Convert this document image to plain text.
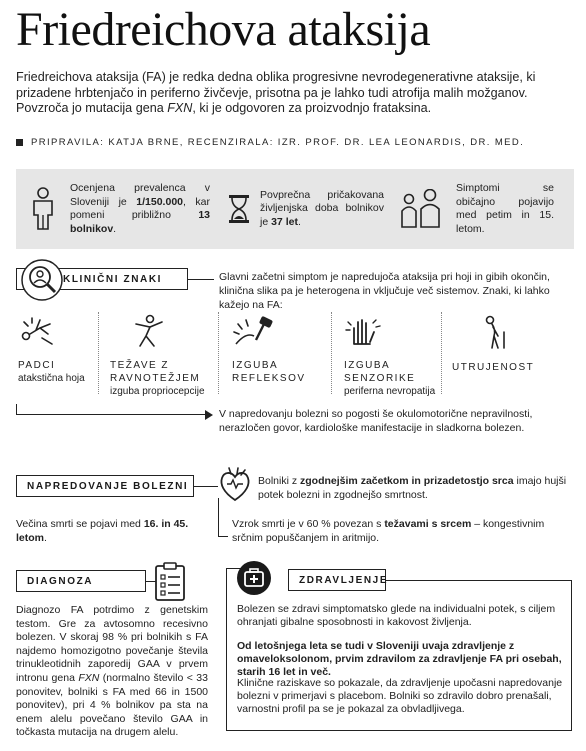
Friedreichova ataksija

Friedreichova ataksija (FA) je redka dedna oblika progresivne nevrodegenerativne ataksije, ki prizadene hrbtenjačo in periferno živčevje, prisotna pa je lahko tudi atrofija malih možganov. Povzroča jo mutacija gena FXN, ki je odgovoren za proizvodnjo frataksina.

PRIPRAVILA: KATJA BRNE, RECENZIRALA: IZR. PROF. DR. LEA LEONARDIS, DR. MED.
Ocenjena prevalenca v Sloveniji je 1/150.000, kar pomeni približno 13 bolnikov.
Povprečna pričakovana življenjska doba bolnikov je 37 let.
Simptomi se običajno pojavijo med petim in 15. letom.
KLINIČNI ZNAKI	Glavni začetni simptom je napredujoča ataksija pri hoji in gibih okončin, klinična slika pa je heterogena in vključuje več sistemov. Znaki, ki lahko kažejo na FA:
PADCI
atakstična hoja
TEŽAVE Z
RAVNOTEŽJEM
izguba propriocepcije
IZGUBA
REFLEKSOV
IZGUBA
SENZORIKE
periferna nevropatija
UTRUJENOST
V napredovanju bolezni so pogosti še okulomotorične nepravilnosti, nerazločen govor, kardiološke manifestacije in sladkorna bolezen.
NAPREDOVANJE BOLEZNI	Bolniki z zgodnejšim začetkom in prizadetostjo srca imajo hujši potek bolezni in zgodnejšo smrtnost.
Večina smrti se pojavi med 16. in 45. letom.
Vzrok smrti je v 60 % povezan s težavami s srcem – kongestivnim srčnim popuščanjem in aritmijo.
DIAGNOZA

Diagnozo FA potrdimo z genetskim testom. Gre za avtosomno recesivno bolezen. V skoraj 98 % pri bolnikih s FA najdemo homozigotno povečanje števila trinukleotidnih zaporedij GAA v prvem intronu gena FXN (normalno število < 33 ponovitev, bolniki s FA med 66 in 1500 ponovitev), pri 4 % bolnikov pa sta na enem alelu povečano število GAA in točkasta mutacija na drugem alelu.

ZDRAVLJENJE
Bolezen se zdravi simptomatsko glede na individualni potek, s ciljem ohranjati gibalne sposobnosti in kakovost življenja.
Od letošnjega leta se tudi v Sloveniji uvaja zdravljenje z omaveloksolonom, prvim zdravilom za zdravljenje FA pri osebah, starih 16 let in več.
Klinične raziskave so pokazale, da zdravljenje upočasni napredovanje bolezni v primerjavi s placebom. Bolniki so zdravilo dobro prenašali, varnostni profil pa se je pokazal za obvladljivega.
